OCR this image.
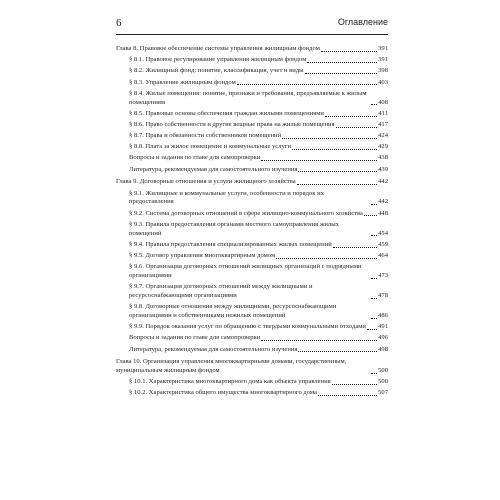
6	Оглавление
Глава 8. Правовое обеспечение системы управления жилищным фондом	391
§ 8.1. Правовое регулирование управления жилищным фондом	391
§ 8.2. Жилищный фонд: понятие, классификация, учет и виды	398
§ 8.3. Управление жилищным фондом	403
§ 8.4. Жилые помещения: понятие, признаки и требования, предъявляемые к жилым помещениям	408
§ 8.5. Правовые основы обеспечения граждан жилыми помещениями	411
§ 8.6. Право собственности и другие вещные права на жилые помещения	417
§ 8.7. Права и обязанности собственников помещений	424
§ 8.8. Плата за жилое помещение и коммунальные услуги	429
Вопросы и задания по главе для самопроверки	438
Литература, рекомендуемая для самостоятельного изучения	439
Глава 9. Договорные отношения и услуги жилищного хозяйства	442
§ 9.1. Жилищные и коммунальные услуги, особенности и порядок их предоставления	442
§ 9.2. Система договорных отношений в сфере жилищно-коммунального хозяйства 448
§ 9.3. Правила предоставления органами местного самоуправления жилых помещений	454
§ 9.4. Правила предоставления специализированных жилых помещений	459
§ 9.5. Договор управления многоквартирным домом	464
§ 9.6. Организация договорных отношений жилищных организаций с подрядными организациями	473
§ 9.7. Организация договорных отношений между жилищными и ресурсоснабжающими организациями	478
§ 9.8. Договорные отношения между жилищными, ресурсоснабжающими организациями и собственниками нежилых помещений	486
§ 9.9. Порядок оказания услуг по обращению с твердыми коммунальными отходами 491
Вопросы и задания по главе для самопроверки	496
Литература, рекомендуемая для самостоятельного изучения	498
Глава 10. Организация управления многоквартирными домами, государственным, муниципальным жилищным фондом	500
§ 10.1. Характеристика многоквартирного дома как объекта управления	500
§ 10.2. Характеристика общего имущества многоквартирного дома	507
